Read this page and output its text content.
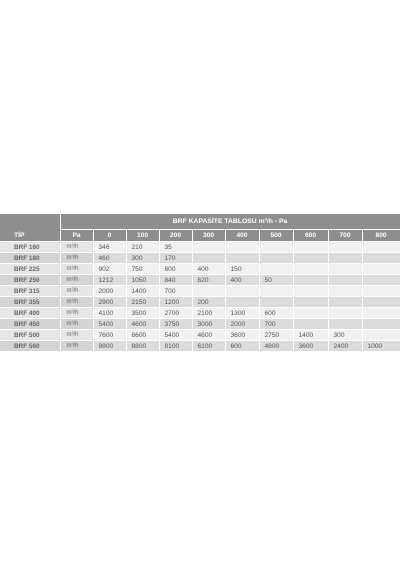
TİP	BRF KAPASİTE TABLOSU m³/h - Pa									
	Pa	0	100	200	300	400	500	600	700	800
BRF 160	m³/h	346	210	35						
BRF 180	m³/h	460	300	170						
BRF 225	m³/h	902	750	600	400	150				
BRF 250	m³/h	1212	1050	840	620	400	50			
BRF 315	m³/h	2000	1400	700						
BRF 355	m³/h	2900	2150	1200	200					
BRF 400	m³/h	4100	3500	2700	2100	1300	600			
BRF 450	m³/h	5400	4600	3750	3000	2000	700			
BRF 500	m³/h	7600	6600	5400	4600	3600	2750	1400	300	
BRF 560	m³/h	9800	8800	8100	6100	600	4800	3600	2400	1000
